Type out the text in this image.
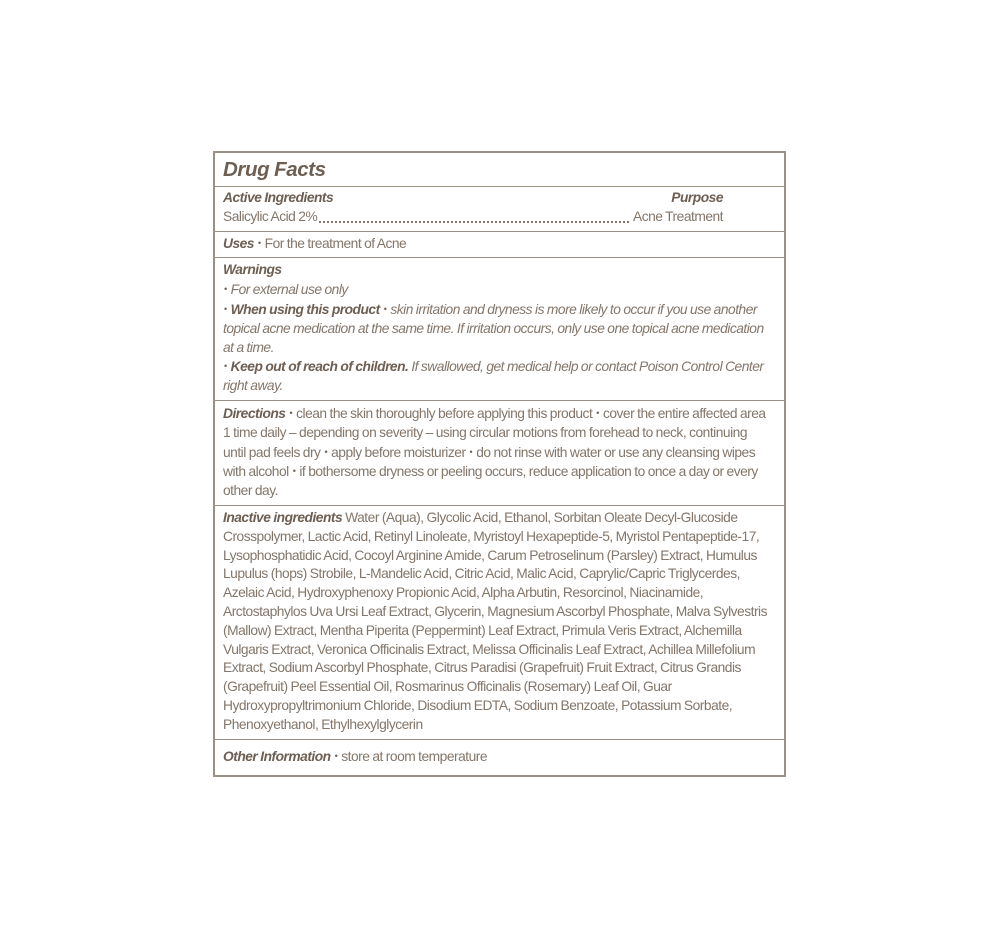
Drug Facts
Active Ingredients	Purpose
Salicylic Acid 2%	Acne Treatment
Uses • For the treatment of Acne
Warnings
• For external use only
• When using this product • skin irritation and dryness is more likely to occur if you use another topical acne medication at the same time. If irritation occurs, only use one topical acne medication at a time.
• Keep out of reach of children. If swallowed, get medical help or contact Poison Control Center right away.

Directions • clean the skin thoroughly before applying this product • cover the entire affected area 1 time daily – depending on severity – using circular motions from forehead to neck, continuing until pad feels dry • apply before moisturizer • do not rinse with water or use any cleansing wipes with alcohol • if bothersome dryness or peeling occurs, reduce application to once a day or every other day.

Inactive ingredients Water (Aqua), Glycolic Acid, Ethanol, Sorbitan Oleate Decyl-Glucoside Crosspolymer, Lactic Acid, Retinyl Linoleate, Myristoyl Hexapeptide-5, Myristol Pentapeptide-17, Lysophosphatidic Acid, Cocoyl Arginine Amide, Carum Petroselinum (Parsley) Extract, Humulus Lupulus (hops) Strobile, L-Mandelic Acid, Citric Acid, Malic Acid, Caprylic/Capric Triglycerdes, Azelaic Acid, Hydroxyphenoxy Propionic Acid, Alpha Arbutin, Resorcinol, Niacinamide, Arctostaphylos Uva Ursi Leaf Extract, Glycerin, Magnesium Ascorbyl Phosphate, Malva Sylvestris (Mallow) Extract, Mentha Piperita (Peppermint) Leaf Extract, Primula Veris Extract, Alchemilla Vulgaris Extract, Veronica Officinalis Extract, Melissa Officinalis Leaf Extract, Achillea Millefolium Extract, Sodium Ascorbyl Phosphate, Citrus Paradisi (Grapefruit) Fruit Extract, Citrus Grandis (Grapefruit) Peel Essential Oil, Rosmarinus Officinalis (Rosemary) Leaf Oil, Guar Hydroxypropyltrimonium Chloride, Disodium EDTA, Sodium Benzoate, Potassium Sorbate, Phenoxyethanol, Ethylhexylglycerin

Other Information • store at room temperature
